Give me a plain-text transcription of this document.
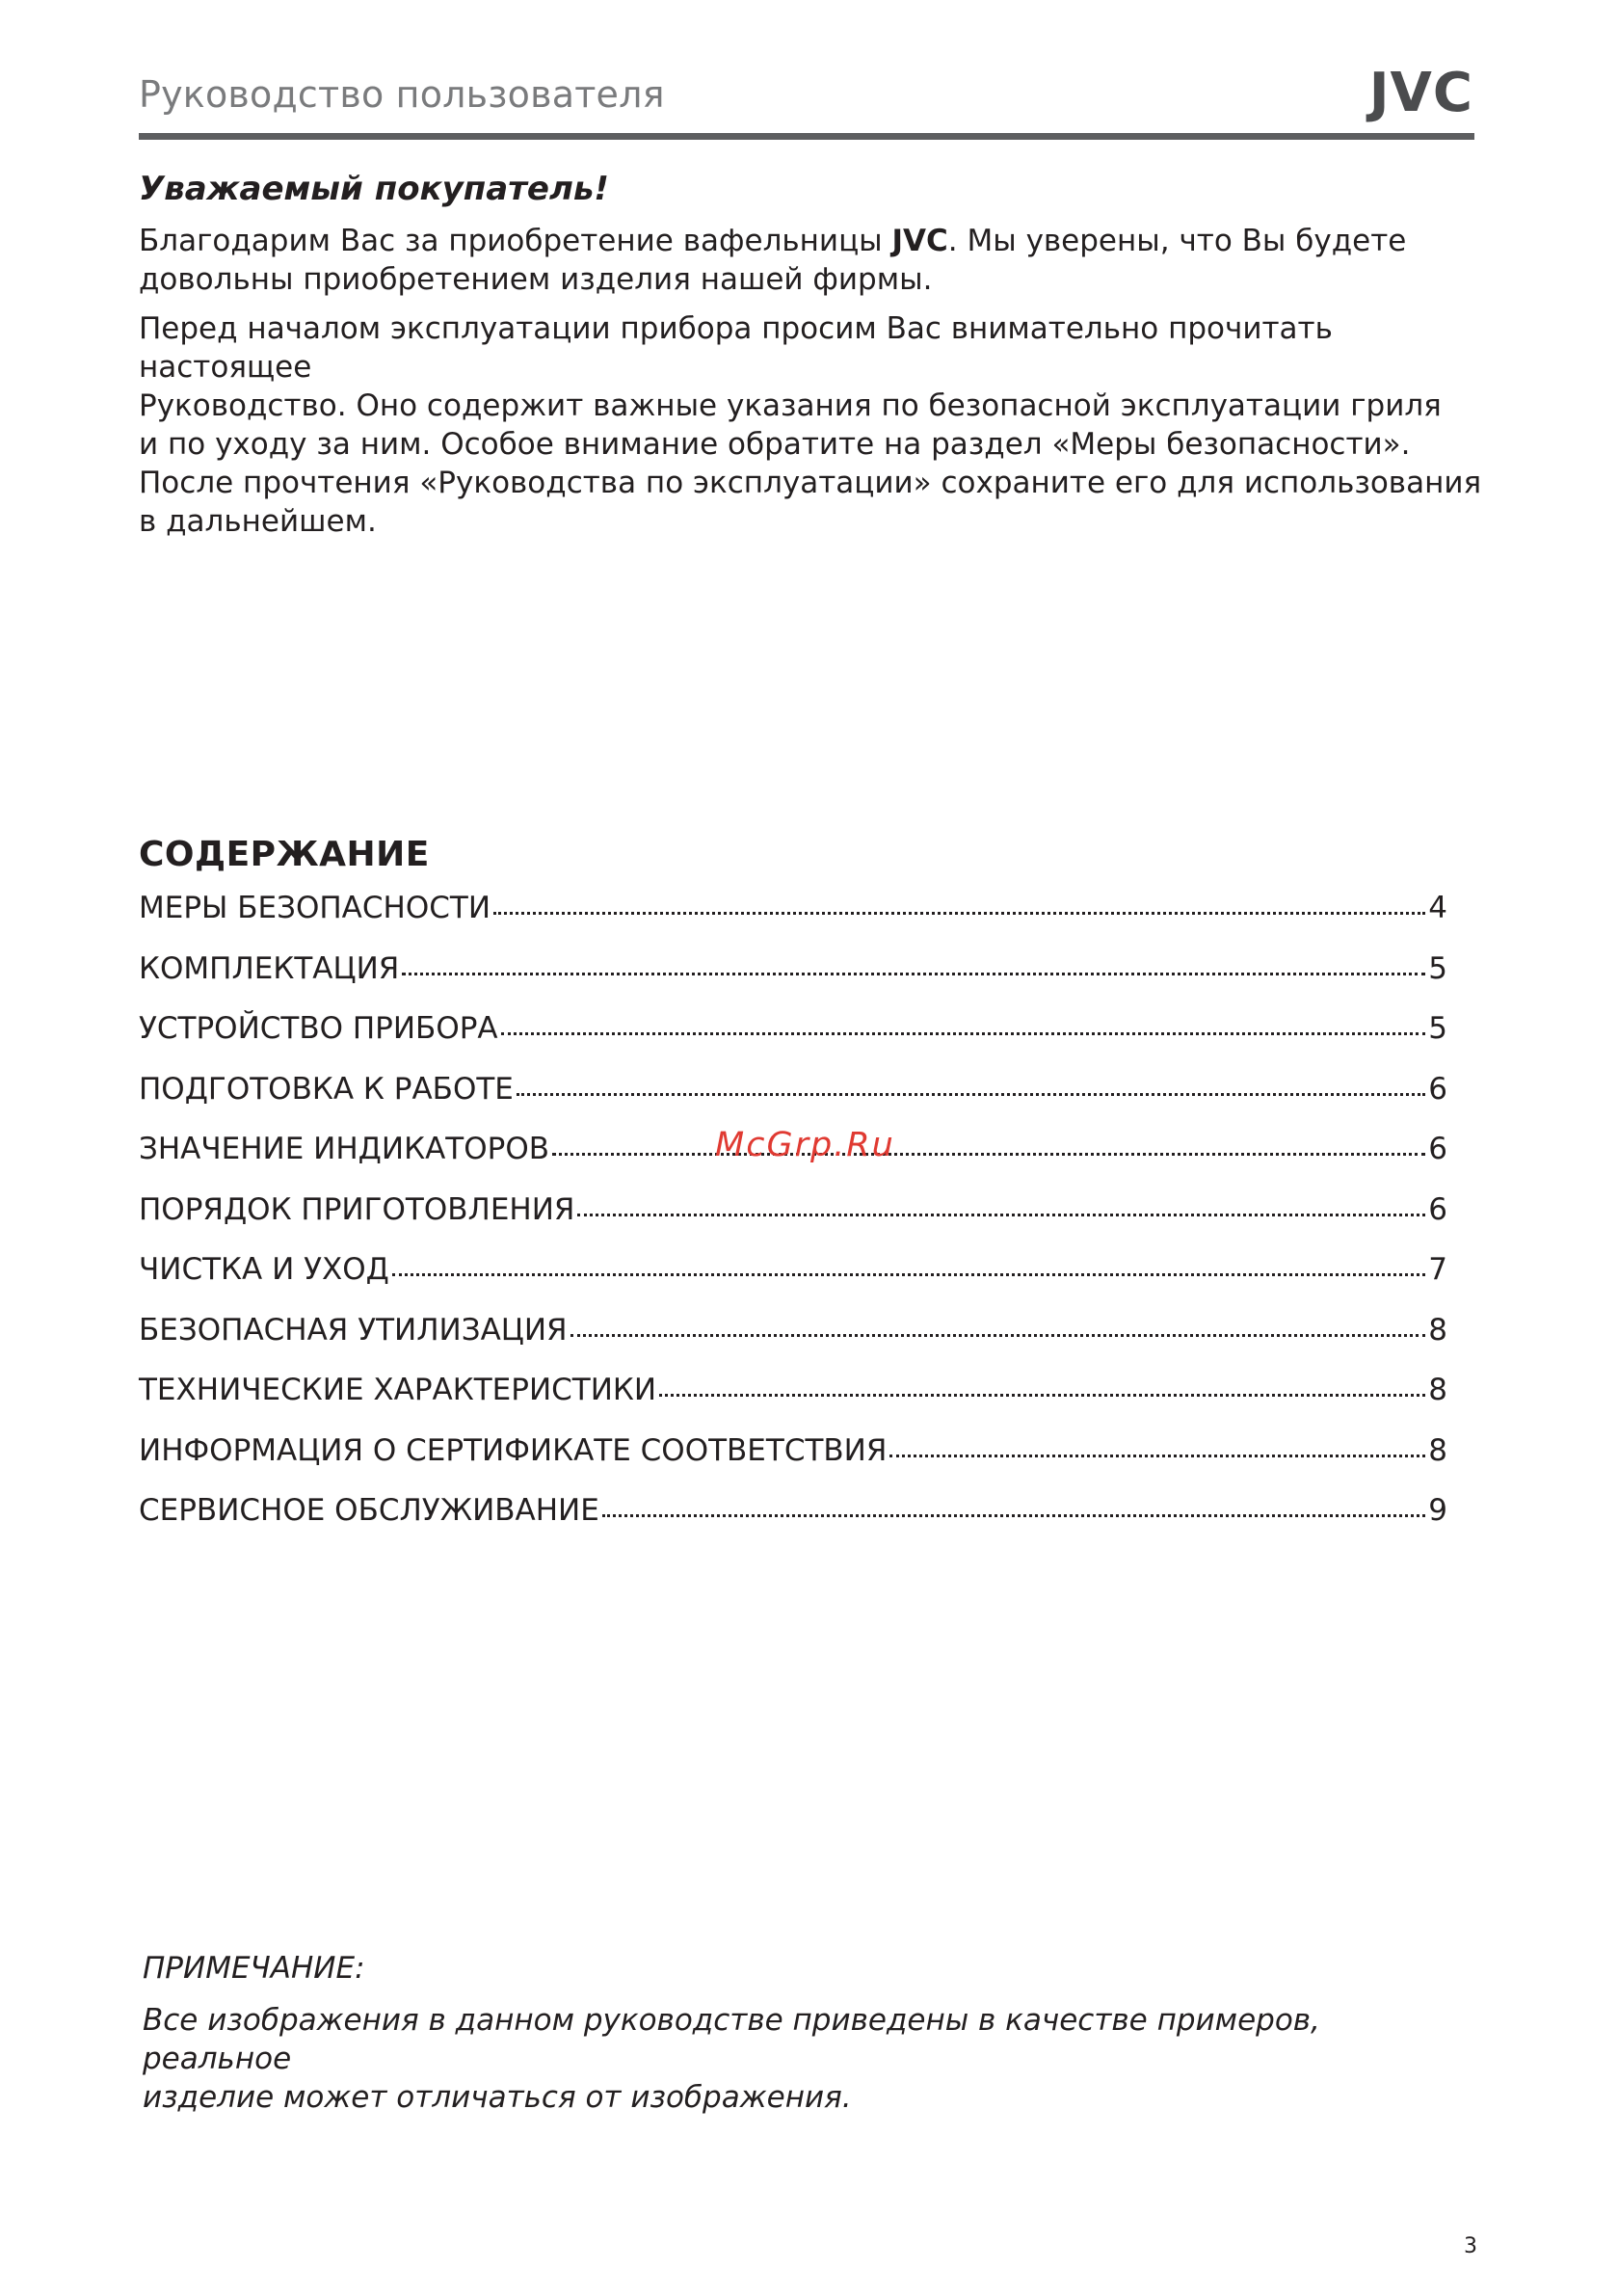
Руководство пользователя	JVC
Уважаемый покупатель!

Благодарим Вас за приобретение вафельницы JVC. Мы уверены, что Вы будете

довольны приобретением изделия нашей фирмы.

Перед началом эксплуатации прибора просим Вас внимательно прочитать настоящее

Руководство. Оно содержит важные указания по безопасной эксплуатации гриля

и по уходу за ним. Особое внимание обратите на раздел «Меры безопасности».

После прочтения «Руководства по эксплуатации» сохраните его для использования

в дальнейшем.

СОДЕРЖАНИЕ
МЕРЫ БЕЗОПАСНОСТИ	4
КОМПЛЕКТАЦИЯ	5
УСТРОЙСТВО ПРИБОРА	5
ПОДГОТОВКА К РАБОТЕ	6
ЗНАЧЕНИЕ ИНДИКАТОРОВ	6
ПОРЯДОК ПРИГОТОВЛЕНИЯ	6
ЧИСТКА И УХОД	7
БЕЗОПАСНАЯ УТИЛИЗАЦИЯ	8
ТЕХНИЧЕСКИЕ ХАРАКТЕРИСТИКИ	8
ИНФОРМАЦИЯ О СЕРТИФИКАТЕ СООТВЕТСТВИЯ	8
СЕРВИСНОЕ ОБСЛУЖИВАНИЕ	9
McGrp.Ru
ПРИМЕЧАНИЕ:
Все изображения в данном руководстве приведены в качестве примеров, реальное
изделие может отличаться от изображения.
3
